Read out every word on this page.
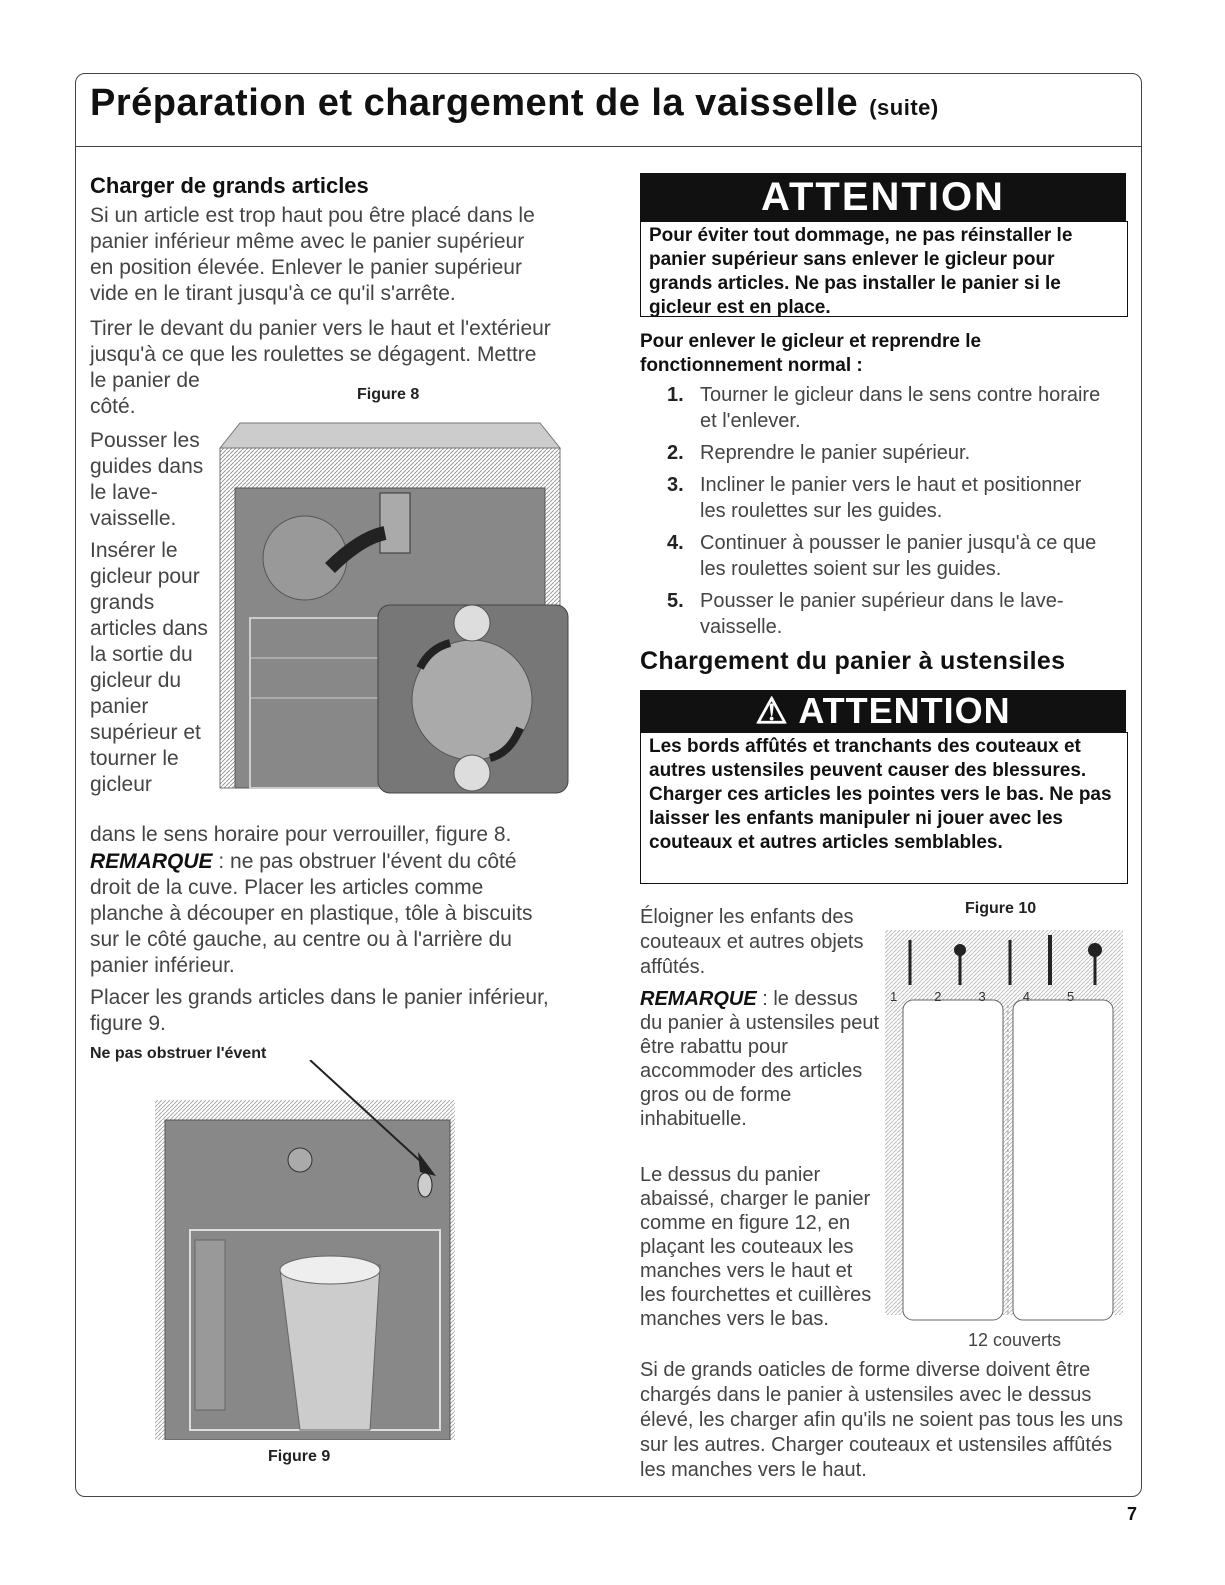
Préparation et chargement de la vaisselle (suite)
Charger de grands articles
Si un article est trop haut pou être placé dans le panier inférieur même avec le panier supérieur en position élevée. Enlever le panier supérieur vide en le tirant jusqu'à ce qu'il s'arrête.
Tirer le devant du panier vers le haut et l'extérieur jusqu'à ce que les roulettes se dégagent. Mettre
le panier de
côté.
Figure 8
Pousser les guides dans le lave-vaisselle.
Insérer le gicleur pour grands articles dans la sortie du gicleur du panier supérieur et tourner le gicleur
dans le sens horaire pour verrouiller, figure 8.
REMARQUE : ne pas obstruer l'évent du côté droit de la cuve. Placer les articles comme planche à découper en plastique, tôle à biscuits sur le côté gauche, au centre ou à l'arrière du panier inférieur.
Placer les grands articles dans le panier inférieur, figure 9.
Ne pas obstruer l'évent
Figure 9
ATTENTION
Pour éviter tout dommage, ne pas réinstaller le panier supérieur sans enlever le gicleur pour grands articles. Ne pas installer le panier si le gicleur est en place.
Pour enlever le gicleur et reprendre le fonctionnement normal :
1. Tourner le gicleur dans le sens contre horaire et l'enlever.
2. Reprendre le panier supérieur.
3. Incliner le panier vers le haut et positionner les roulettes sur les guides.
4. Continuer à pousser le panier jusqu'à ce que les roulettes soient sur les guides.
5. Pousser le panier supérieur dans le lave-vaisselle.
Chargement du panier à ustensiles
⚠ ATTENTION
Les bords affûtés et tranchants des couteaux et autres ustensiles peuvent causer des blessures. Charger ces articles les pointes vers le bas. Ne pas laisser les enfants manipuler ni jouer avec les couteaux et autres articles semblables.
Éloigner les enfants des couteaux et autres objets affûtés.
REMARQUE : le dessus du panier à ustensiles peut être rabattu pour accommoder des articles gros ou de forme inhabituelle.
Le dessus du panier abaissé, charger le panier comme en figure 12, en plaçant les couteaux les manches vers le haut et les fourchettes et cuillères manches vers le bas.
Figure 10
12345
12 couverts
Si de grands oaticles de forme diverse doivent être chargés dans le panier à ustensiles avec le dessus élevé, les charger afin qu'ils ne soient pas tous les uns sur les autres. Charger couteaux et ustensiles affûtés les manches vers le haut.
7
